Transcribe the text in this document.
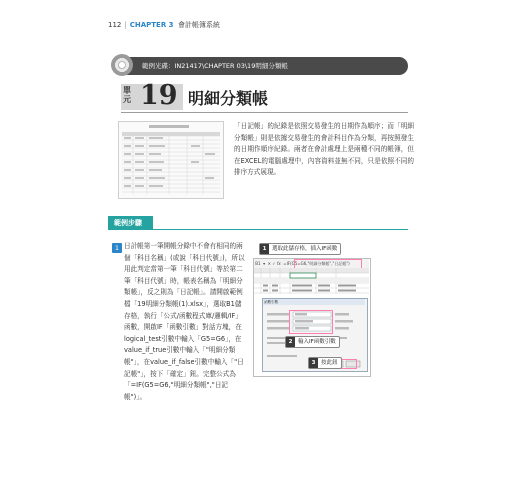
112 | CHAPTER 3 會計帳簿系統
範例光碟：IN21417\CHAPTER 03\19明細分類帳
單元 19 明細分類帳
「日記帳」的紀錄是依照交易發生的日期作為順序；而「明細分類帳」則是依據交易發生的會計科目作為分類，再按照發生的日期作順序紀錄。兩者在會計處理上是兩種不同的帳簿，但在EXCEL的電腦處理中，內容資料並無不同，只是依照不同的排序方式展現。
範例步驟
1 日計帳第一筆開帳分錄中不會有相同的兩個「科目名稱」(或說「科目代號」)，所以用此判定當第一筆「科目代號」等於第二筆「科目代號」時，帳表名稱為「明細分類帳」，反之則為「日記帳」。請開啟範例檔「19明細分類帳(1).xlsx」，選取B1儲存格，執行「公式/函數程式庫/邏輯/IF」函數，開啟IF「函數引數」對話方塊，在logical_test引數中輸入「G5=G6」，在value_if_true引數中輸入「"明細分類帳"」，在value_if_false引數中輸入「"日記帳"」，按下「確定」鈕。完整公式為「=IF(G5=G6,"明細分類帳","日記帳")」。
B1  ▾  ✕ ✓ fx =IF(G5=G6,"明細分類帳","日記帳")
函數引數
1 選取此儲存格，插入IF函數
2 輸入IF函數引數
3 按此鈕
